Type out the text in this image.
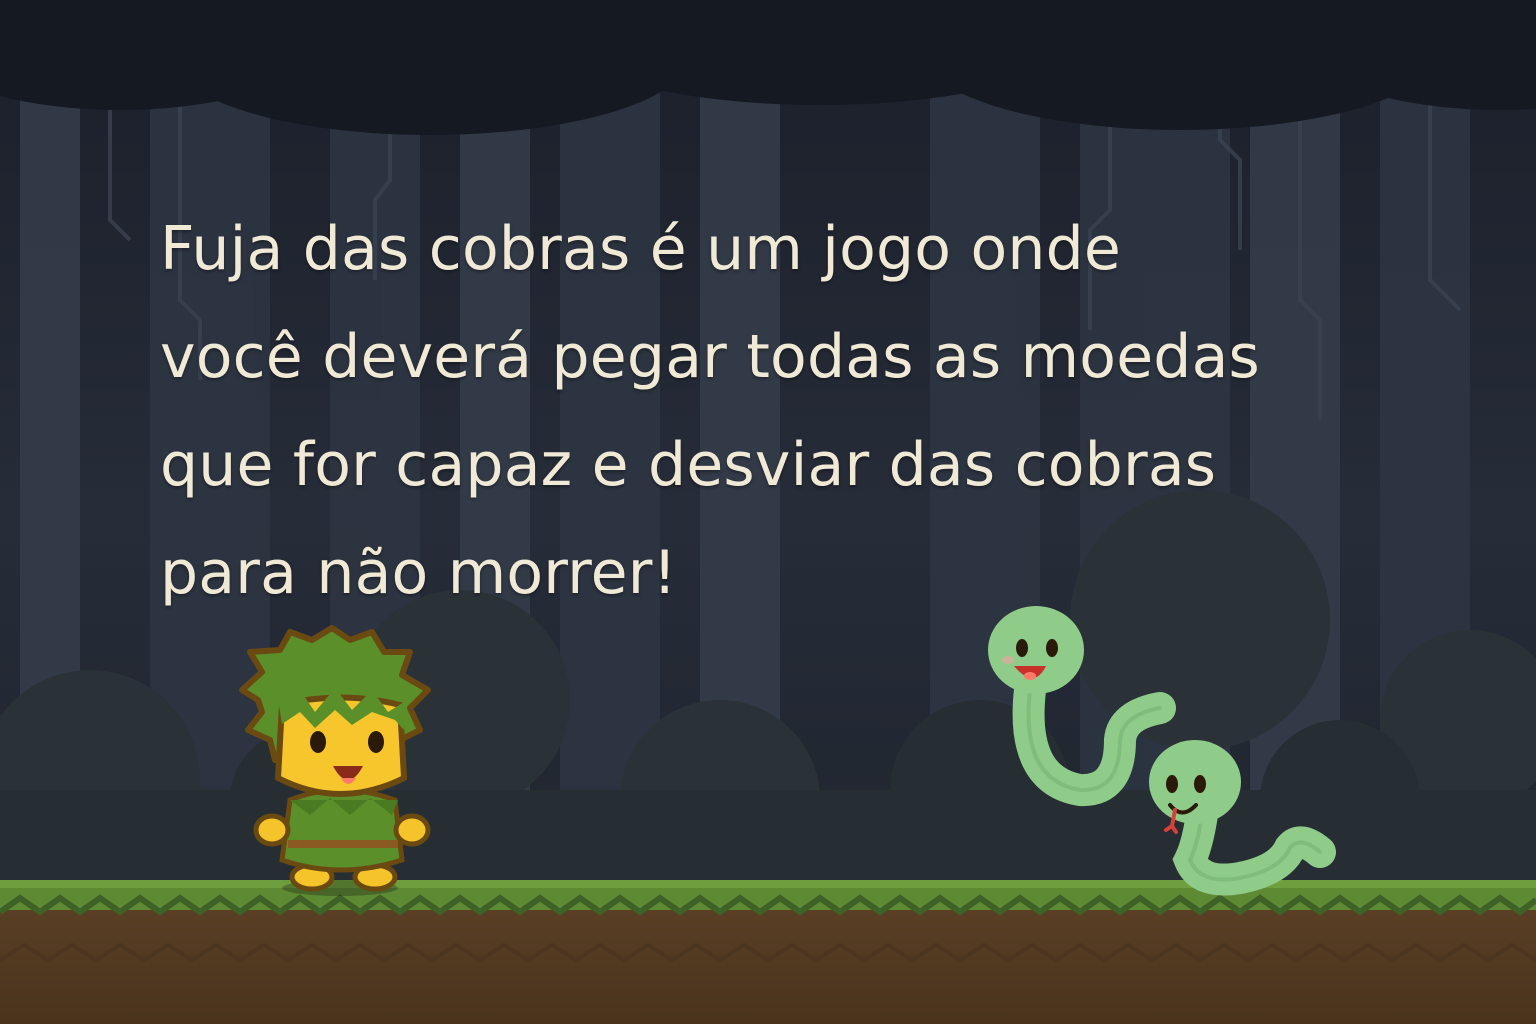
Fuja das cobras é um jogo onde
você deverá pegar todas as moedas
que for capaz e desviar das cobras
para não morrer!
